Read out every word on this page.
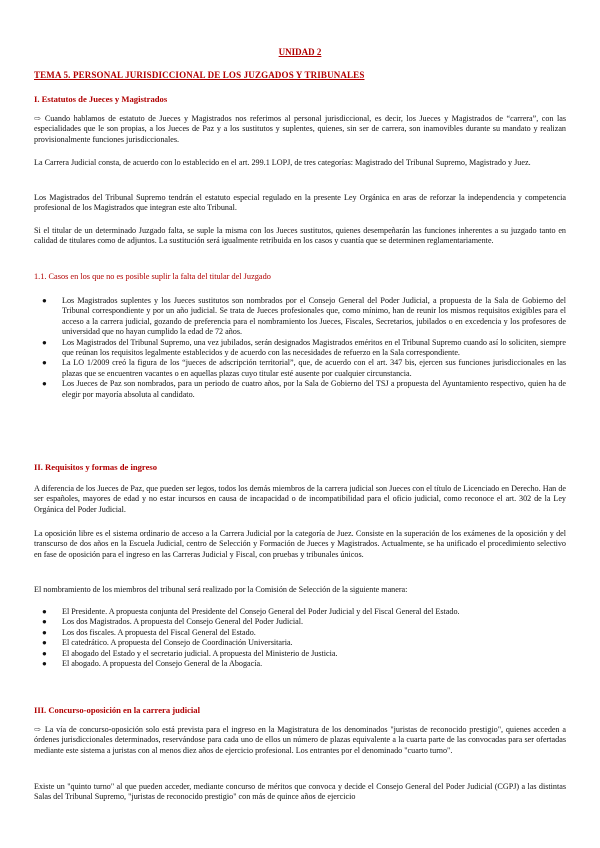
UNIDAD 2
TEMA 5. PERSONAL JURISDICCIONAL DE LOS JUZGADOS Y TRIBUNALES
I. Estatutos de Jueces y Magistrados

⇨ Cuando hablamos de estatuto de Jueces y Magistrados nos referimos al personal jurisdiccional, es decir, los Jueces y Magistrados de “carrera”, con las especialidades que le son propias, a los Jueces de Paz y a los sustitutos y suplentes, quienes, sin ser de carrera, son inamovibles durante su mandato y realizan provisionalmente funciones jurisdiccionales.

La Carrera Judicial consta, de acuerdo con lo establecido en el art. 299.1 LOPJ, de tres categorías: Magistrado del Tribunal Supremo, Magistrado y Juez.

Los Magistrados del Tribunal Supremo tendrán el estatuto especial regulado en la presente Ley Orgánica en aras de reforzar la independencia y competencia profesional de los Magistrados que integran este alto Tribunal.

Si el titular de un determinado Juzgado falta, se suple la misma con los Jueces sustitutos, quienes desempeñarán las funciones inherentes a su juzgado tanto en calidad de titulares como de adjuntos. La sustitución será igualmente retribuida en los casos y cuantía que se determinen reglamentariamente.

1.1. Casos en los que no es posible suplir la falta del titular del Juzgado
● Los Magistrados suplentes y los Jueces sustitutos son nombrados por el Consejo General del Poder Judicial, a propuesta de la Sala de Gobierno del Tribunal correspondiente y por un año judicial. Se trata de Jueces profesionales que, como mínimo, han de reunir los mismos requisitos exigibles para el acceso a la carrera judicial, gozando de preferencia para el nombramiento los Jueces, Fiscales, Secretarios, jubilados o en excedencia y los profesores de universidad que no hayan cumplido la edad de 72 años.
● Los Magistrados del Tribunal Supremo, una vez jubilados, serán designados Magistrados eméritos en el Tribunal Supremo cuando así lo soliciten, siempre que reúnan los requisitos legalmente establecidos y de acuerdo con las necesidades de refuerzo en la Sala correspondiente.
● La LO 1/2009 creó la figura de los “jueces de adscripción territorial”, que, de acuerdo con el art. 347 bis, ejercen sus funciones jurisdiccionales en las plazas que se encuentren vacantes o en aquellas plazas cuyo titular esté ausente por cualquier circunstancia.
● Los Jueces de Paz son nombrados, para un periodo de cuatro años, por la Sala de Gobierno del TSJ a propuesta del Ayuntamiento respectivo, quien ha de elegir por mayoría absoluta al candidato.
II. Requisitos y formas de ingreso

A diferencia de los Jueces de Paz, que pueden ser legos, todos los demás miembros de la carrera judicial son Jueces con el título de Licenciado en Derecho. Han de ser españoles, mayores de edad y no estar incursos en causa de incapacidad o de incompatibilidad para el oficio judicial, como reconoce el art. 302 de la Ley Orgánica del Poder Judicial.

La oposición libre es el sistema ordinario de acceso a la Carrera Judicial por la categoría de Juez. Consiste en la superación de los exámenes de la oposición y del transcurso de dos años en la Escuela Judicial, centro de Selección y Formación de Jueces y Magistrados. Actualmente, se ha unificado el procedimiento selectivo en fase de oposición para el ingreso en las Carreras Judicial y Fiscal, con pruebas y tribunales únicos.

El nombramiento de los miembros del tribunal será realizado por la Comisión de Selección de la siguiente manera:

● El Presidente. A propuesta conjunta del Presidente del Consejo General del Poder Judicial y del Fiscal General del Estado.
● Los dos Magistrados. A propuesta del Consejo General del Poder Judicial.
● Los dos fiscales. A propuesta del Fiscal General del Estado.
● El catedrático. A propuesta del Consejo de Coordinación Universitaria.
● El abogado del Estado y el secretario judicial. A propuesta del Ministerio de Justicia.
● El abogado. A propuesta del Consejo General de la Abogacía.
III. Concurso-oposición en la carrera judicial

⇨ La vía de concurso-oposición solo está prevista para el ingreso en la Magistratura de los denominados "juristas de reconocido prestigio", quienes acceden a órdenes jurisdiccionales determinados, reservándose para cada uno de ellos un número de plazas equivalente a la cuarta parte de las convocadas para ser ofertadas mediante este sistema a juristas con al menos diez años de ejercicio profesional. Los entrantes por el denominado "cuarto turno".

Existe un "quinto turno" al que pueden acceder, mediante concurso de méritos que convoca y decide el Consejo General del Poder Judicial (CGPJ) a las distintas Salas del Tribunal Supremo, "juristas de reconocido prestigio" con más de quince años de ejercicio
